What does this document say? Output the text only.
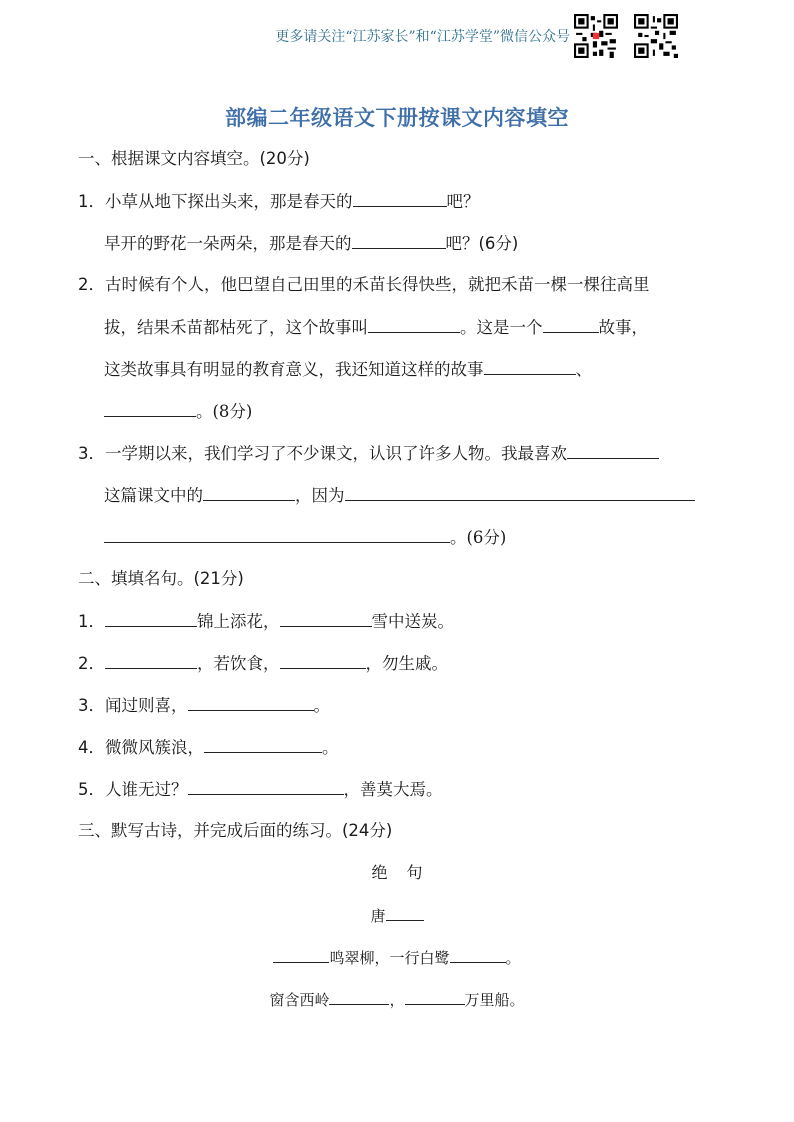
更多请关注“江苏家长”和“江苏学堂”微信公众号
部编二年级语文下册按课文内容填空
一、根据课文内容填空。(20分)
1．小草从地下探出头来，那是春天的	吧？
早开的野花一朵两朵，那是春天的	吧？(6分)
2．古时候有个人，他巴望自己田里的禾苗长得快些，就把禾苗一棵一棵往高里
拔，结果禾苗都枯死了，这个故事叫	。这是一个	故事，
这类故事具有明显的教育意义，我还知道这样的故事	、
。(8分)
3．一学期以来，我们学习了不少课文，认识了许多人物。我最喜欢
这篇课文中的	，因为
。(6分)
二、填填名句。(21分)
1．	锦上添花，	雪中送炭。
2．	，若饮食，	，勿生戚。
3．闻过则喜，	。
4．微微风簇浪，	。
5．人谁无过？	，善莫大焉。
三、默写古诗，并完成后面的练习。(24分)
绝 句
唐
鸣翠柳，一行白鹭	。
窗含西岭	，	万里船。
